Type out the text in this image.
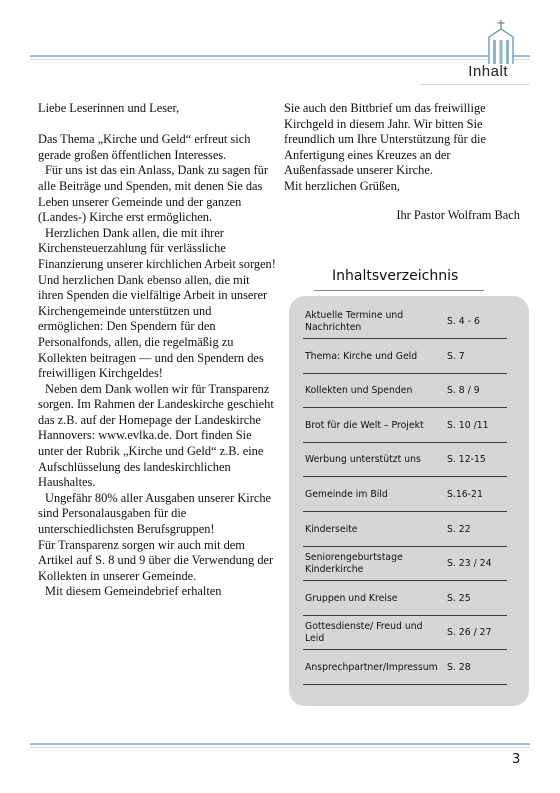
Inhalt

Liebe Leserinnen und Leser,

Das Thema „Kirche und Geld“ erfreut sich gerade großen öffentlichen Interesses.

Für uns ist das ein Anlass, Dank zu sagen für alle Beiträge und Spenden, mit denen Sie das Leben unserer Gemeinde und der ganzen (Landes-) Kirche erst ermöglichen.

Herzlichen Dank allen, die mit ihrer Kirchensteuerzahlung für verlässliche Finanzierung unserer kirchlichen Arbeit sorgen! Und herzlichen Dank ebenso allen, die mit ihren Spenden die vielfältige Arbeit in unserer Kirchengemeinde unterstützen und ermöglichen: Den Spendern für den Personalfonds, allen, die regelmäßig zu Kollekten beitragen — und den Spendern des freiwilligen Kirchgeldes!

Neben dem Dank wollen wir für Transparenz sorgen. Im Rahmen der Landeskirche geschieht das z.B. auf der Homepage der Landeskirche Hannovers: www.evlka.de. Dort finden Sie unter der Rubrik „Kirche und Geld“ z.B. eine Aufschlüsselung des landeskirchlichen Haushaltes.

Ungefähr 80% aller Ausgaben unserer Kirche sind Personalausgaben für die unterschiedlichsten Berufsgruppen!

Für Transparenz sorgen wir auch mit dem Artikel auf S. 8 und 9 über die Verwendung der Kollekten in unserer Gemeinde.

Mit diesem Gemeindebrief erhalten

Sie auch den Bittbrief um das freiwillige Kirchgeld in diesem Jahr. Wir bitten Sie freundlich um Ihre Unterstützung für die Anfertigung eines Kreuzes an der Außenfassade unserer Kirche.

Mit herzlichen Grüßen,

Ihr Pastor Wolfram Bach

Inhaltsverzeichnis
Aktuelle Termine und Nachrichten
S. 4 - 6
Thema: Kirche und Geld	S. 7
Kollekten und Spenden	S. 8 / 9
Brot für die Welt – Projekt	S. 10 /11
Werbung unterstützt uns	S. 12-15
Gemeinde im Bild	S.16-21
Kinderseite	S. 22
Seniorengeburtstage Kinderkirche
S. 23 / 24
Gruppen und Kreise	S. 25
Gottesdienste/ Freud und Leid
S. 26 / 27
Ansprechpartner/Impressum	S. 28
3
